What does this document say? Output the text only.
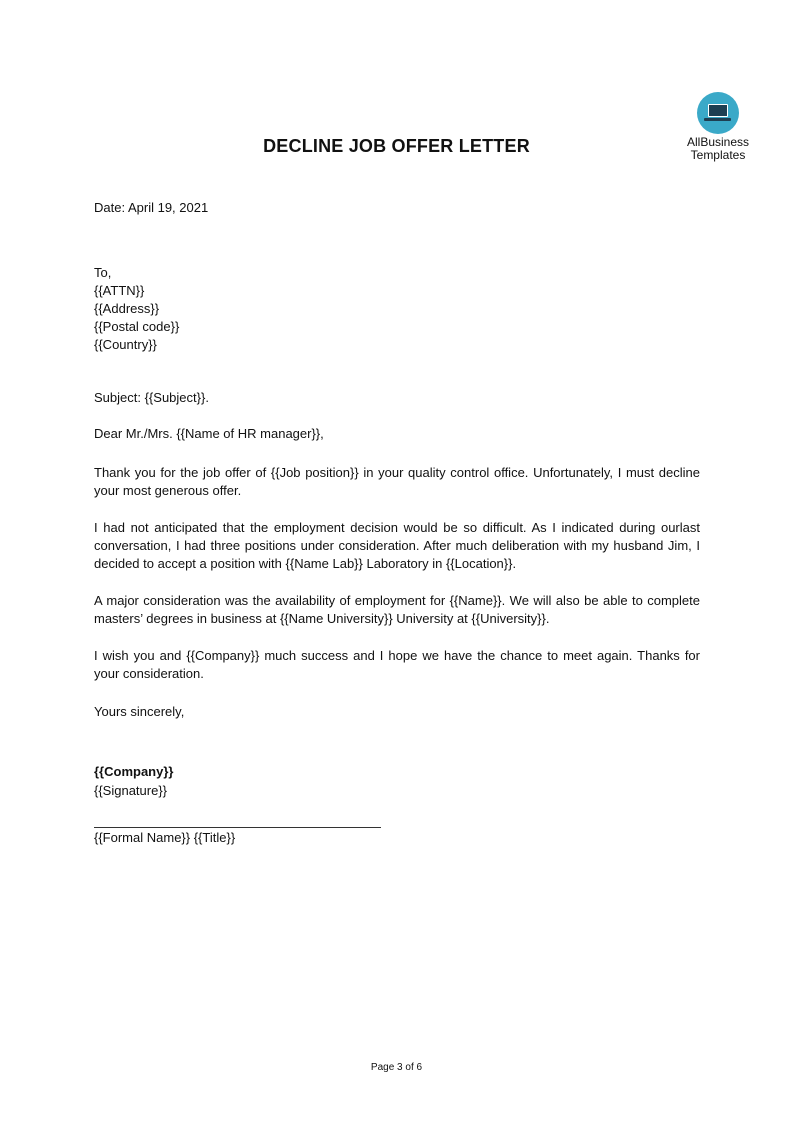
AllBusiness
Templates
DECLINE JOB OFFER LETTER
Date: April 19, 2021
To,
{{ATTN}}
{{Address}}
{{Postal code}}
{{Country}}
Subject: {{Subject}}.
Dear Mr./Mrs. {{Name of HR manager}},
Thank you for the job offer of {{Job position}} in your quality control office. Unfortunately, I must decline your most generous offer.
I had not anticipated that the employment decision would be so difficult. As I indicated during ourlast conversation, I had three positions under consideration. After much deliberation with my husband Jim, I decided to accept a position with {{Name Lab}} Laboratory in {{Location}}.
A major consideration was the availability of employment for {{Name}}. We will also be able to complete masters’ degrees in business at {{Name University}} University at {{University}}.
I wish you and {{Company}} much success and I hope we have the chance to meet again. Thanks for your consideration.
Yours sincerely,
{{Company}}
{{Signature}}
{{Formal Name}} {{Title}}
Page 3 of 6
